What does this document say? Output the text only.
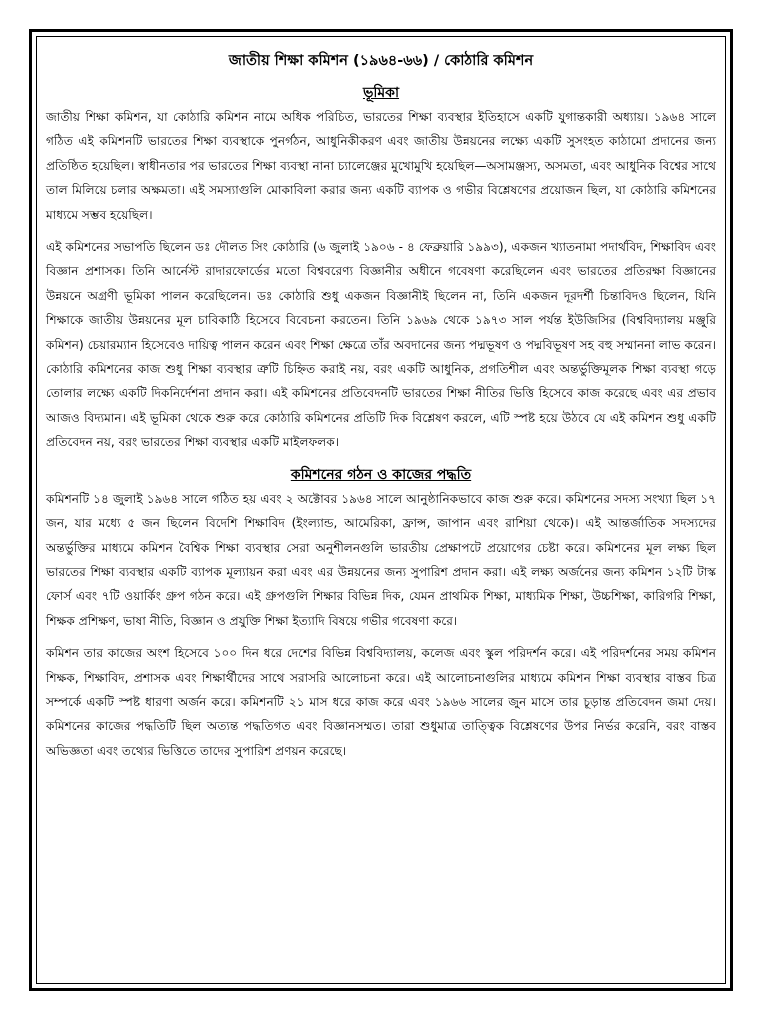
জাতীয় শিক্ষা কমিশন (১৯৬৪-৬৬) / কোঠারি কমিশন
ভূমিকা

জাতীয় শিক্ষা কমিশন, যা কোঠারি কমিশন নামে অধিক পরিচিত, ভারতের শিক্ষা ব্যবস্থার ইতিহাসে একটি যুগান্তকারী অধ্যায়। ১৯৬৪ সালে গঠিত এই কমিশনটি ভারতের শিক্ষা ব্যবস্থাকে পুনর্গঠন, আধুনিকীকরণ এবং জাতীয় উন্নয়নের লক্ষ্যে একটি সুসংহত কাঠামো প্রদানের জন্য প্রতিষ্ঠিত হয়েছিল। স্বাধীনতার পর ভারতের শিক্ষা ব্যবস্থা নানা চ্যালেঞ্জের মুখোমুখি হয়েছিল—অসামঞ্জস্য, অসমতা, এবং আধুনিক বিশ্বের সাথে তাল মিলিয়ে চলার অক্ষমতা। এই সমস্যাগুলি মোকাবিলা করার জন্য একটি ব্যাপক ও গভীর বিশ্লেষণের প্রয়োজন ছিল, যা কোঠারি কমিশনের মাধ্যমে সম্ভব হয়েছিল।

এই কমিশনের সভাপতি ছিলেন ডঃ দৌলত সিং কোঠারি (৬ জুলাই ১৯০৬ - ৪ ফেব্রুয়ারি ১৯৯৩), একজন খ্যাতনামা পদার্থবিদ, শিক্ষাবিদ এবং বিজ্ঞান প্রশাসক। তিনি আর্নেস্ট রাদারফোর্ডের মতো বিশ্ববরেণ্য বিজ্ঞানীর অধীনে গবেষণা করেছিলেন এবং ভারতের প্রতিরক্ষা বিজ্ঞানের উন্নয়নে অগ্রণী ভূমিকা পালন করেছিলেন। ডঃ কোঠারি শুধু একজন বিজ্ঞানীই ছিলেন না, তিনি একজন দূরদর্শী চিন্তাবিদও ছিলেন, যিনি শিক্ষাকে জাতীয় উন্নয়নের মূল চাবিকাঠি হিসেবে বিবেচনা করতেন। তিনি ১৯৬৯ থেকে ১৯৭৩ সাল পর্যন্ত ইউজিসির (বিশ্ববিদ্যালয় মঞ্জুরি কমিশন) চেয়ারম্যান হিসেবেও দায়িত্ব পালন করেন এবং শিক্ষা ক্ষেত্রে তাঁর অবদানের জন্য পদ্মভূষণ ও পদ্মবিভূষণ সহ বহু সম্মাননা লাভ করেন। কোঠারি কমিশনের কাজ শুধু শিক্ষা ব্যবস্থার ত্রুটি চিহ্নিত করাই নয়, বরং একটি আধুনিক, প্রগতিশীল এবং অন্তর্ভুক্তিমূলক শিক্ষা ব্যবস্থা গড়ে তোলার লক্ষ্যে একটি দিকনির্দেশনা প্রদান করা। এই কমিশনের প্রতিবেদনটি ভারতের শিক্ষা নীতির ভিত্তি হিসেবে কাজ করেছে এবং এর প্রভাব আজও বিদ্যমান। এই ভূমিকা থেকে শুরু করে কোঠারি কমিশনের প্রতিটি দিক বিশ্লেষণ করলে, এটি স্পষ্ট হয়ে উঠবে যে এই কমিশন শুধু একটি প্রতিবেদন নয়, বরং ভারতের শিক্ষা ব্যবস্থার একটি মাইলফলক।

কমিশনের গঠন ও কাজের পদ্ধতি

কমিশনটি ১৪ জুলাই ১৯৬৪ সালে গঠিত হয় এবং ২ অক্টোবর ১৯৬৪ সালে আনুষ্ঠানিকভাবে কাজ শুরু করে। কমিশনের সদস্য সংখ্যা ছিল ১৭ জন, যার মধ্যে ৫ জন ছিলেন বিদেশি শিক্ষাবিদ (ইংল্যান্ড, আমেরিকা, ফ্রান্স, জাপান এবং রাশিয়া থেকে)। এই আন্তর্জাতিক সদস্যদের অন্তর্ভুক্তির মাধ্যমে কমিশন বৈশ্বিক শিক্ষা ব্যবস্থার সেরা অনুশীলনগুলি ভারতীয় প্রেক্ষাপটে প্রয়োগের চেষ্টা করে। কমিশনের মূল লক্ষ্য ছিল ভারতের শিক্ষা ব্যবস্থার একটি ব্যাপক মূল্যায়ন করা এবং এর উন্নয়নের জন্য সুপারিশ প্রদান করা। এই লক্ষ্য অর্জনের জন্য কমিশন ১২টি টাস্ক ফোর্স এবং ৭টি ওয়ার্কিং গ্রুপ গঠন করে। এই গ্রুপগুলি শিক্ষার বিভিন্ন দিক, যেমন প্রাথমিক শিক্ষা, মাধ্যমিক শিক্ষা, উচ্চশিক্ষা, কারিগরি শিক্ষা, শিক্ষক প্রশিক্ষণ, ভাষা নীতি, বিজ্ঞান ও প্রযুক্তি শিক্ষা ইত্যাদি বিষয়ে গভীর গবেষণা করে।

কমিশন তার কাজের অংশ হিসেবে ১০০ দিন ধরে দেশের বিভিন্ন বিশ্ববিদ্যালয়, কলেজ এবং স্কুল পরিদর্শন করে। এই পরিদর্শনের সময় কমিশন শিক্ষক, শিক্ষাবিদ, প্রশাসক এবং শিক্ষার্থীদের সাথে সরাসরি আলোচনা করে। এই আলোচনাগুলির মাধ্যমে কমিশন শিক্ষা ব্যবস্থার বাস্তব চিত্র সম্পর্কে একটি স্পষ্ট ধারণা অর্জন করে। কমিশনটি ২১ মাস ধরে কাজ করে এবং ১৯৬৬ সালের জুন মাসে তার চূড়ান্ত প্রতিবেদন জমা দেয়। কমিশনের কাজের পদ্ধতিটি ছিল অত্যন্ত পদ্ধতিগত এবং বিজ্ঞানসম্মত। তারা শুধুমাত্র তাত্ত্বিক বিশ্লেষণের উপর নির্ভর করেনি, বরং বাস্তব অভিজ্ঞতা এবং তথ্যের ভিত্তিতে তাদের সুপারিশ প্রণয়ন করেছে।
